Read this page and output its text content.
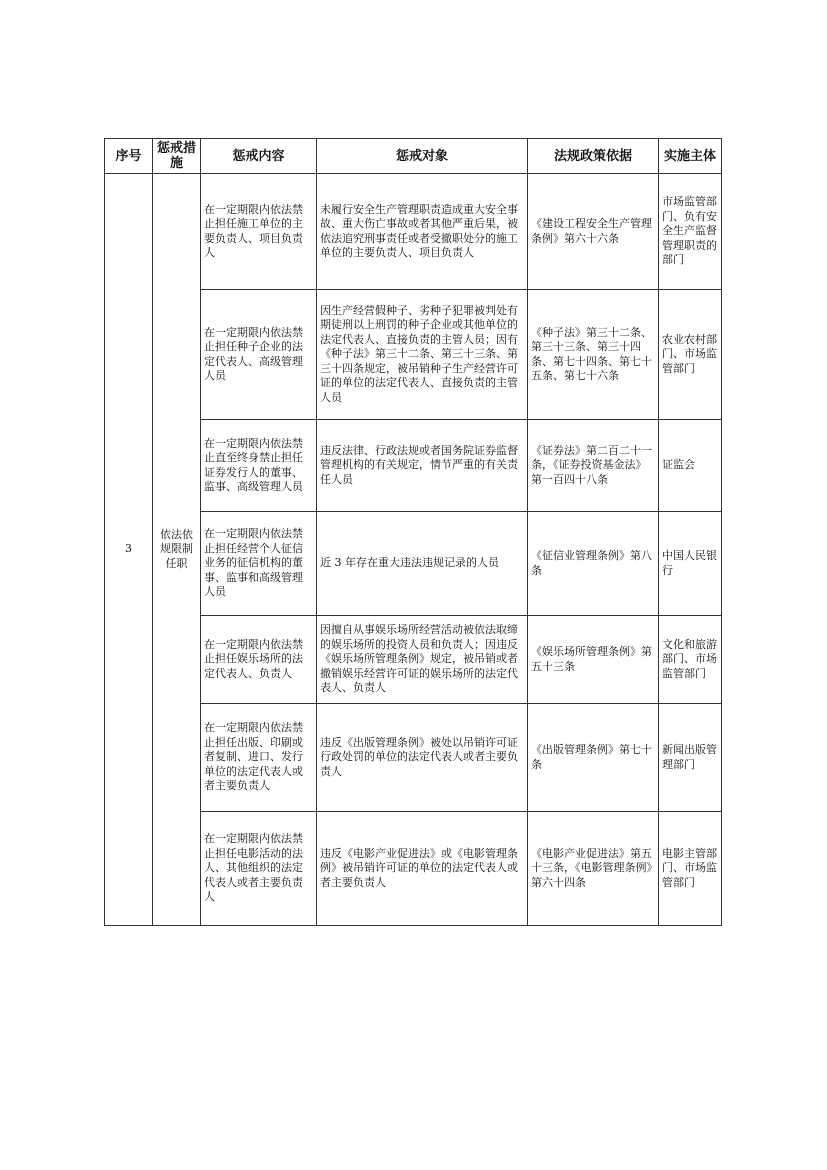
序号	惩戒措施	惩戒内容	惩戒对象	法规政策依据	实施主体
3	依法依规限制任职	在一定期限内依法禁止担任施工单位的主要负责人、项目负责人	未履行安全生产管理职责造成重大安全事故、重大伤亡事故或者其他严重后果，被依法追究刑事责任或者受撤职处分的施工单位的主要负责人、项目负责人	《建设工程安全生产管理条例》第六十六条	市场监管部门、负有安全生产监督管理职责的部门
		在一定期限内依法禁止担任种子企业的法定代表人、高级管理人员	因生产经营假种子、劣种子犯罪被判处有期徒刑以上刑罚的种子企业或其他单位的法定代表人、直接负责的主管人员；因有《种子法》第三十二条、第三十三条、第三十四条规定，被吊销种子生产经营许可证的单位的法定代表人、直接负责的主管人员	《种子法》第三十二条、第三十三条、第三十四条、第七十四条、第七十五条、第七十六条	农业农村部门、市场监管部门
		在一定期限内依法禁止直至终身禁止担任证券发行人的董事、监事、高级管理人员	违反法律、行政法规或者国务院证券监督管理机构的有关规定，情节严重的有关责任人员	《证券法》第二百二十一条，《证券投资基金法》第一百四十八条	证监会
		在一定期限内依法禁止担任经营个人征信业务的征信机构的董事、监事和高级管理人员	近 3 年存在重大违法违规记录的人员	《征信业管理条例》第八条	中国人民银行
		在一定期限内依法禁止担任娱乐场所的法定代表人、负责人	因擅自从事娱乐场所经营活动被依法取缔的娱乐场所的投资人员和负责人；因违反《娱乐场所管理条例》规定，被吊销或者撤销娱乐经营许可证的娱乐场所的法定代表人、负责人	《娱乐场所管理条例》第五十三条	文化和旅游部门、市场监管部门
		在一定期限内依法禁止担任出版、印刷或者复制、进口、发行单位的法定代表人或者主要负责人	违反《出版管理条例》被处以吊销许可证行政处罚的单位的法定代表人或者主要负责人	《出版管理条例》第七十条	新闻出版管理部门
		在一定期限内依法禁止担任电影活动的法人、其他组织的法定代表人或者主要负责人	违反《电影产业促进法》或《电影管理条例》被吊销许可证的单位的法定代表人或者主要负责人	《电影产业促进法》第五十三条，《电影管理条例》第六十四条	电影主管部门、市场监管部门
